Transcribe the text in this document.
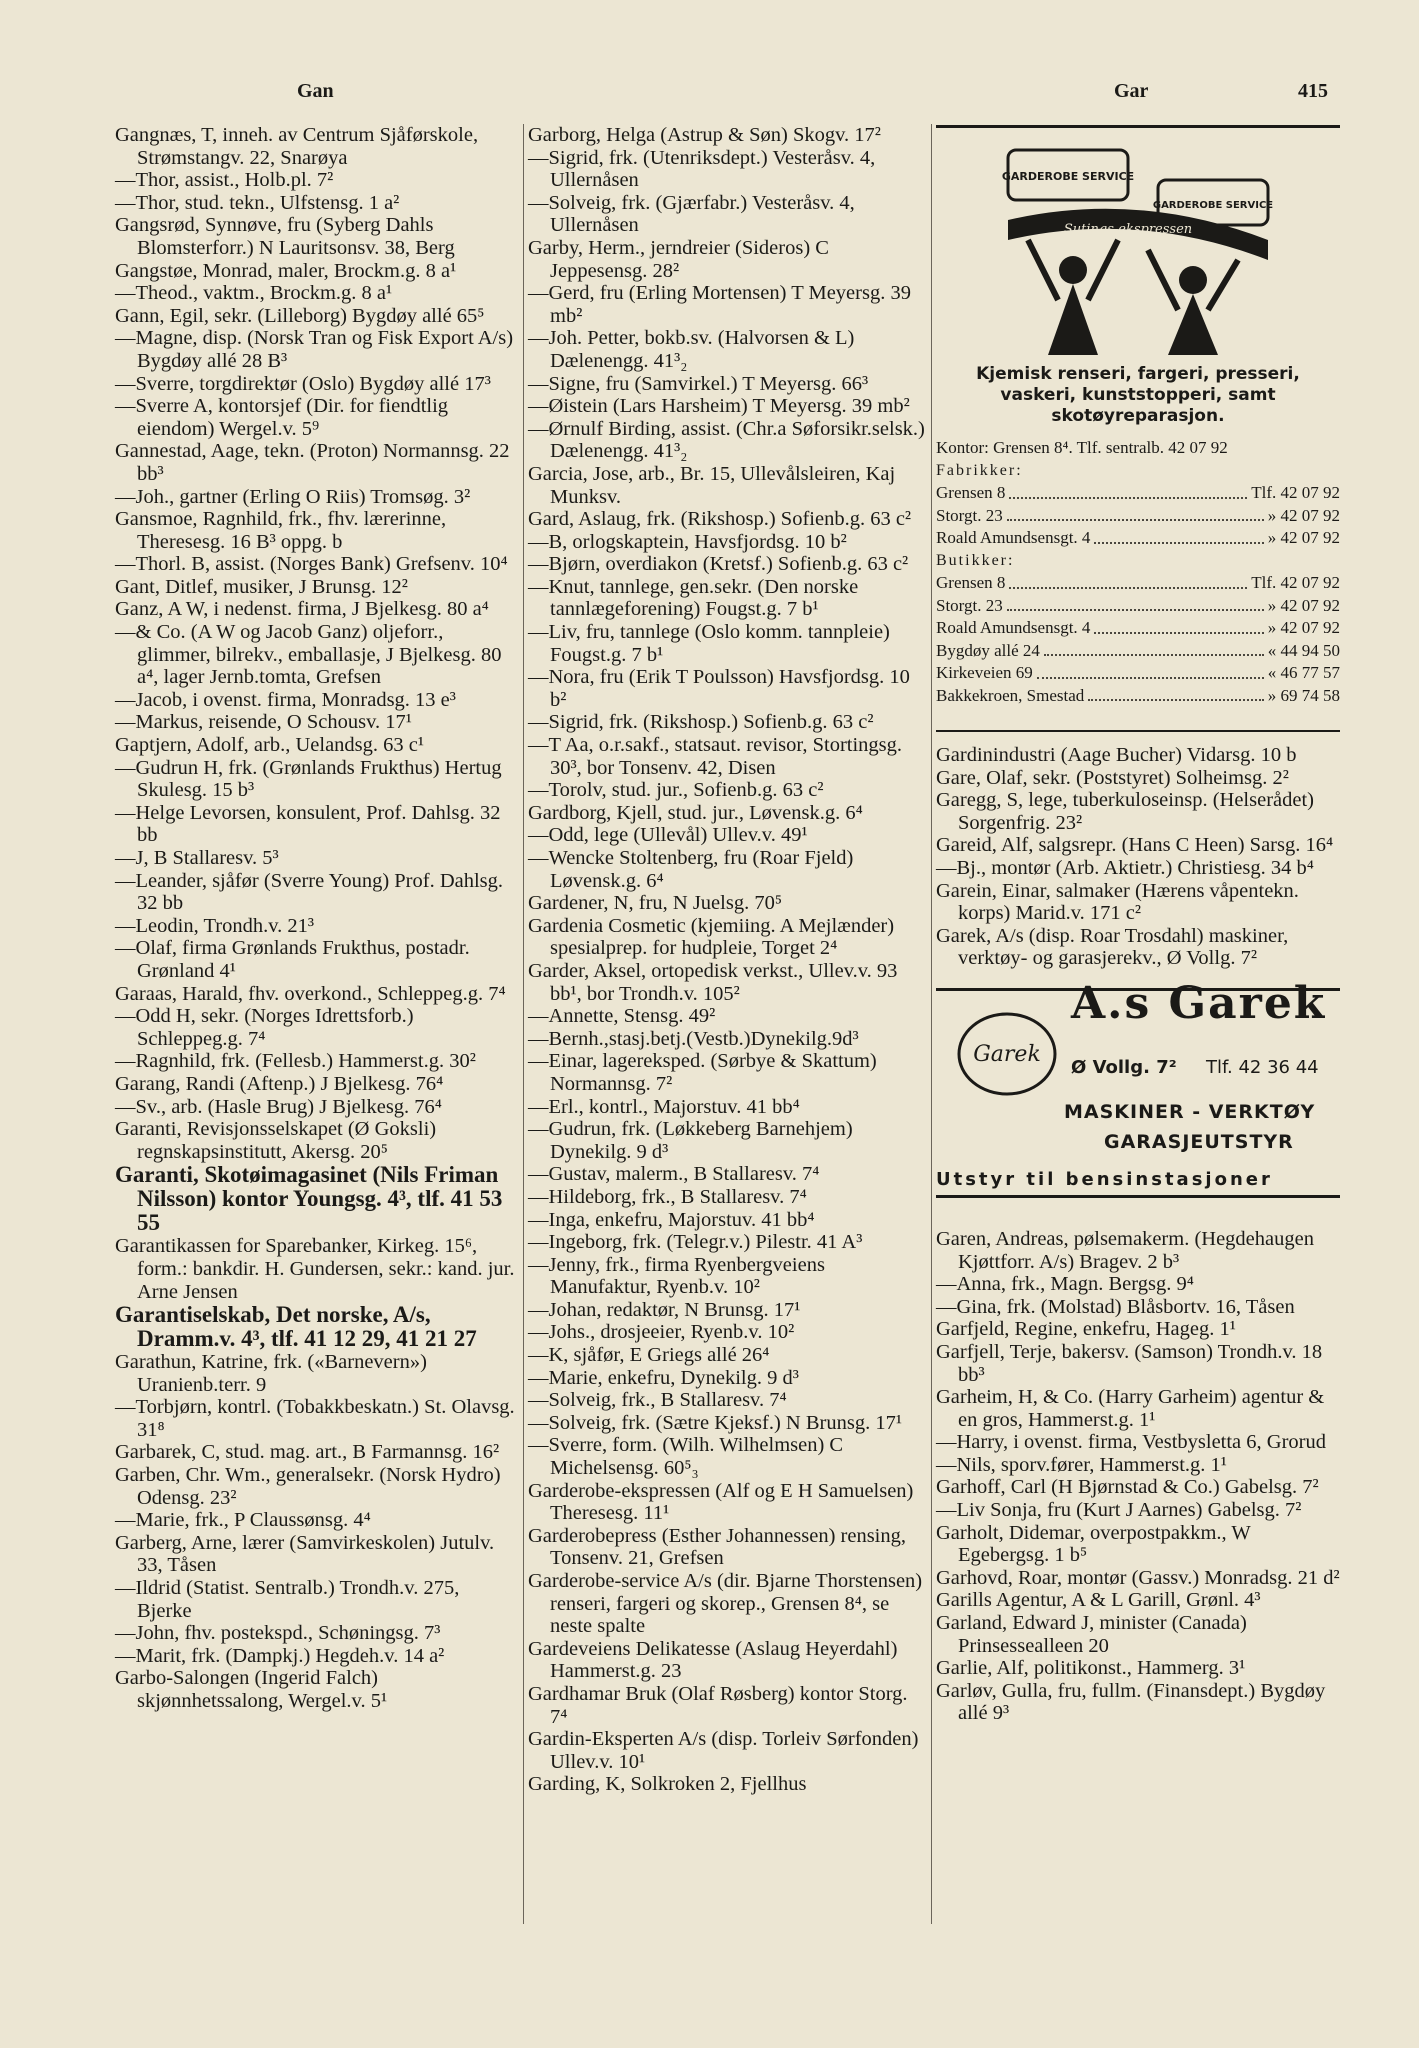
Gan	Gar	415
Gangnæs, T, inneh. av Centrum Sjåførskole, Strømstangv. 22, Snarøya
—Thor, assist., Holb.pl. 7²
—Thor, stud. tekn., Ulfstensg. 1 a²
Gangsrød, Synnøve, fru (Syberg Dahls Blomsterforr.) N Lauritsonsv. 38, Berg
Gangstøe, Monrad, maler, Brockm.g. 8 a¹
—Theod., vaktm., Brockm.g. 8 a¹
Gann, Egil, sekr. (Lilleborg) Bygdøy allé 65⁵
—Magne, disp. (Norsk Tran og Fisk Export A/s) Bygdøy allé 28 B³
—Sverre, torgdirektør (Oslo) Bygdøy allé 17³
—Sverre A, kontorsjef (Dir. for fiendtlig eiendom) Wergel.v. 5⁹
Gannestad, Aage, tekn. (Proton) Normannsg. 22 bb³
—Joh., gartner (Erling O Riis) Tromsøg. 3²
Gansmoe, Ragnhild, frk., fhv. lærerinne, Theresesg. 16 B³ oppg. b
—Thorl. B, assist. (Norges Bank) Grefsenv. 10⁴
Gant, Ditlef, musiker, J Brunsg. 12²
Ganz, A W, i nedenst. firma, J Bjelkesg. 80 a⁴
—& Co. (A W og Jacob Ganz) oljeforr., glimmer, bilrekv., emballasje, J Bjelkesg. 80 a⁴, lager Jernb.tomta, Grefsen
—Jacob, i ovenst. firma, Monradsg. 13 e³
—Markus, reisende, O Schousv. 17¹
Gaptjern, Adolf, arb., Uelandsg. 63 c¹
—Gudrun H, frk. (Grønlands Frukthus) Hertug Skulesg. 15 b³
—Helge Levorsen, konsulent, Prof. Dahlsg. 32 bb
—J, B Stallaresv. 5³
—Leander, sjåfør (Sverre Young) Prof. Dahlsg. 32 bb
—Leodin, Trondh.v. 21³
—Olaf, firma Grønlands Frukthus, postadr. Grønland 4¹
Garaas, Harald, fhv. overkond., Schleppeg.g. 7⁴
—Odd H, sekr. (Norges Idrettsforb.) Schleppeg.g. 7⁴
—Ragnhild, frk. (Fellesb.) Hammerst.g. 30²
Garang, Randi (Aftenp.) J Bjelkesg. 76⁴
—Sv., arb. (Hasle Brug) J Bjelkesg. 76⁴
Garanti, Revisjonsselskapet (Ø Goksli) regnskapsinstitutt, Akersg. 20⁵
Garanti, Skotøimagasinet (Nils Friman Nilsson) kontor Youngsg. 4³, tlf. 41 53 55
Garantikassen for Sparebanker, Kirkeg. 15⁶, form.: bankdir. H. Gundersen, sekr.: kand. jur. Arne Jensen
Garantiselskab, Det norske, A/s, Dramm.v. 4³, tlf. 41 12 29, 41 21 27
Garathun, Katrine, frk. («Barnevern») Uranienb.terr. 9
—Torbjørn, kontrl. (Tobakkbeskatn.) St. Olavsg. 31⁸
Garbarek, C, stud. mag. art., B Farmannsg. 16²
Garben, Chr. Wm., generalsekr. (Norsk Hydro) Odensg. 23²
—Marie, frk., P Claussønsg. 4⁴
Garberg, Arne, lærer (Samvirkeskolen) Jutulv. 33, Tåsen
—Ildrid (Statist. Sentralb.) Trondh.v. 275, Bjerke
—John, fhv. postekspd., Schøningsg. 7³
—Marit, frk. (Dampkj.) Hegdeh.v. 14 a²
Garbo-Salongen (Ingerid Falch) skjønnhetssalong, Wergel.v. 5¹
Garborg, Helga (Astrup & Søn) Skogv. 17²
—Sigrid, frk. (Utenriksdept.) Vesteråsv. 4, Ullernåsen
—Solveig, frk. (Gjærfabr.) Vesteråsv. 4, Ullernåsen
Garby, Herm., jerndreier (Sideros) C Jeppesensg. 28²
—Gerd, fru (Erling Mortensen) T Meyersg. 39 mb²
—Joh. Petter, bokb.sv. (Halvorsen & L) Dælenengg. 41³₂
—Signe, fru (Samvirkel.) T Meyersg. 66³
—Øistein (Lars Harsheim) T Meyersg. 39 mb²
—Ørnulf Birding, assist. (Chr.a Søforsikr.selsk.) Dælenengg. 41³₂
Garcia, Jose, arb., Br. 15, Ullevålsleiren, Kaj Munksv.
Gard, Aslaug, frk. (Rikshosp.) Sofienb.g. 63 c²
—B, orlogskaptein, Havsfjordsg. 10 b²
—Bjørn, overdiakon (Kretsf.) Sofienb.g. 63 c²
—Knut, tannlege, gen.sekr. (Den norske tannlægeforening) Fougst.g. 7 b¹
—Liv, fru, tannlege (Oslo komm. tannpleie) Fougst.g. 7 b¹
—Nora, fru (Erik T Poulsson) Havsfjordsg. 10 b²
—Sigrid, frk. (Rikshosp.) Sofienb.g. 63 c²
—T Aa, o.r.sakf., statsaut. revisor, Stortingsg. 30³, bor Tonsenv. 42, Disen
—Torolv, stud. jur., Sofienb.g. 63 c²
Gardborg, Kjell, stud. jur., Løvensk.g. 6⁴
—Odd, lege (Ullevål) Ullev.v. 49¹
—Wencke Stoltenberg, fru (Roar Fjeld) Løvensk.g. 6⁴
Gardener, N, fru, N Juelsg. 70⁵
Gardenia Cosmetic (kjemiing. A Mejlænder) spesialprep. for hudpleie, Torget 2⁴
Garder, Aksel, ortopedisk verkst., Ullev.v. 93 bb¹, bor Trondh.v. 105²
—Annette, Stensg. 49²
—Bernh.,stasj.betj.(Vestb.)Dynekilg.9d³
—Einar, lagereksped. (Sørbye & Skattum) Normannsg. 7²
—Erl., kontrl., Majorstuv. 41 bb⁴
—Gudrun, frk. (Løkkeberg Barnehjem) Dynekilg. 9 d³
—Gustav, malerm., B Stallaresv. 7⁴
—Hildeborg, frk., B Stallaresv. 7⁴
—Inga, enkefru, Majorstuv. 41 bb⁴
—Ingeborg, frk. (Telegr.v.) Pilestr. 41 A³
—Jenny, frk., firma Ryenbergveiens Manufaktur, Ryenb.v. 10²
—Johan, redaktør, N Brunsg. 17¹
—Johs., drosjeeier, Ryenb.v. 10²
—K, sjåfør, E Griegs allé 26⁴
—Marie, enkefru, Dynekilg. 9 d³
—Solveig, frk., B Stallaresv. 7⁴
—Solveig, frk. (Sætre Kjeksf.) N Brunsg. 17¹
—Sverre, form. (Wilh. Wilhelmsen) C Michelsensg. 60⁵₃
Garderobe-ekspressen (Alf og E H Samuelsen) Theresesg. 11¹
Garderobepress (Esther Johannessen) rensing, Tonsenv. 21, Grefsen
Garderobe-service A/s (dir. Bjarne Thorstensen) renseri, fargeri og skorep., Grensen 8⁴, se neste spalte
Gardeveiens Delikatesse (Aslaug Heyerdahl) Hammerst.g. 23
Gardhamar Bruk (Olaf Røsberg) kontor Storg. 7⁴
Gardin-Eksperten A/s (disp. Torleiv Sørfonden) Ullev.v. 10¹
Garding, K, Solkroken 2, Fjellhus
GARDEROBE SERVICE
GARDEROBE SERVICE
Sutings-ekspressen
Kjemisk renseri, fargeri, presseri, vaskeri, kunststopperi, samt skotøyreparasjon.
Kontor: Grensen 8⁴. Tlf. sentralb. 42 07 92
Fabrikker:
Grensen 8	Tlf. 42 07 92
Storgt. 23	» 42 07 92
Roald Amundsensgt. 4	» 42 07 92
Butikker:
Grensen 8	Tlf. 42 07 92
Storgt. 23	» 42 07 92
Roald Amundsensgt. 4	» 42 07 92
Bygdøy allé 24	« 44 94 50
Kirkeveien 69	« 46 77 57
Bakkekroen, Smestad	» 69 74 58
Gardinindustri (Aage Bucher) Vidarsg. 10 b
Gare, Olaf, sekr. (Poststyret) Solheimsg. 2²
Garegg, S, lege, tuberkuloseinsp. (Helserådet) Sorgenfrig. 23²
Gareid, Alf, salgsrepr. (Hans C Heen) Sarsg. 16⁴
—Bj., montør (Arb. Aktietr.) Christiesg. 34 b⁴
Garein, Einar, salmaker (Hærens våpentekn. korps) Marid.v. 171 c²
Garek, A/s (disp. Roar Trosdahl) maskiner, verktøy- og garasjerekv., Ø Vollg. 7²
Garek
A.s Garek
Ø Vollg. 7² Tlf. 42 36 44
MASKINER - VERKTØY
GARASJEUTSTYR
Utstyr til bensinstasjoner
Garen, Andreas, pølsemakerm. (Hegdehaugen Kjøttforr. A/s) Bragev. 2 b³
—Anna, frk., Magn. Bergsg. 9⁴
—Gina, frk. (Molstad) Blåsbortv. 16, Tåsen
Garfjeld, Regine, enkefru, Hageg. 1¹
Garfjell, Terje, bakersv. (Samson) Trondh.v. 18 bb³
Garheim, H, & Co. (Harry Garheim) agentur & en gros, Hammerst.g. 1¹
—Harry, i ovenst. firma, Vestbysletta 6, Grorud
—Nils, sporv.fører, Hammerst.g. 1¹
Garhoff, Carl (H Bjørnstad & Co.) Gabelsg. 7²
—Liv Sonja, fru (Kurt J Aarnes) Gabelsg. 7²
Garholt, Didemar, overpostpakkm., W Egebergsg. 1 b⁵
Garhovd, Roar, montør (Gassv.) Monradsg. 21 d²
Garills Agentur, A & L Garill, Grønl. 4³
Garland, Edward J, minister (Canada) Prinsessealleen 20
Garlie, Alf, politikonst., Hammerg. 3¹
Garløv, Gulla, fru, fullm. (Finansdept.) Bygdøy allé 9³
